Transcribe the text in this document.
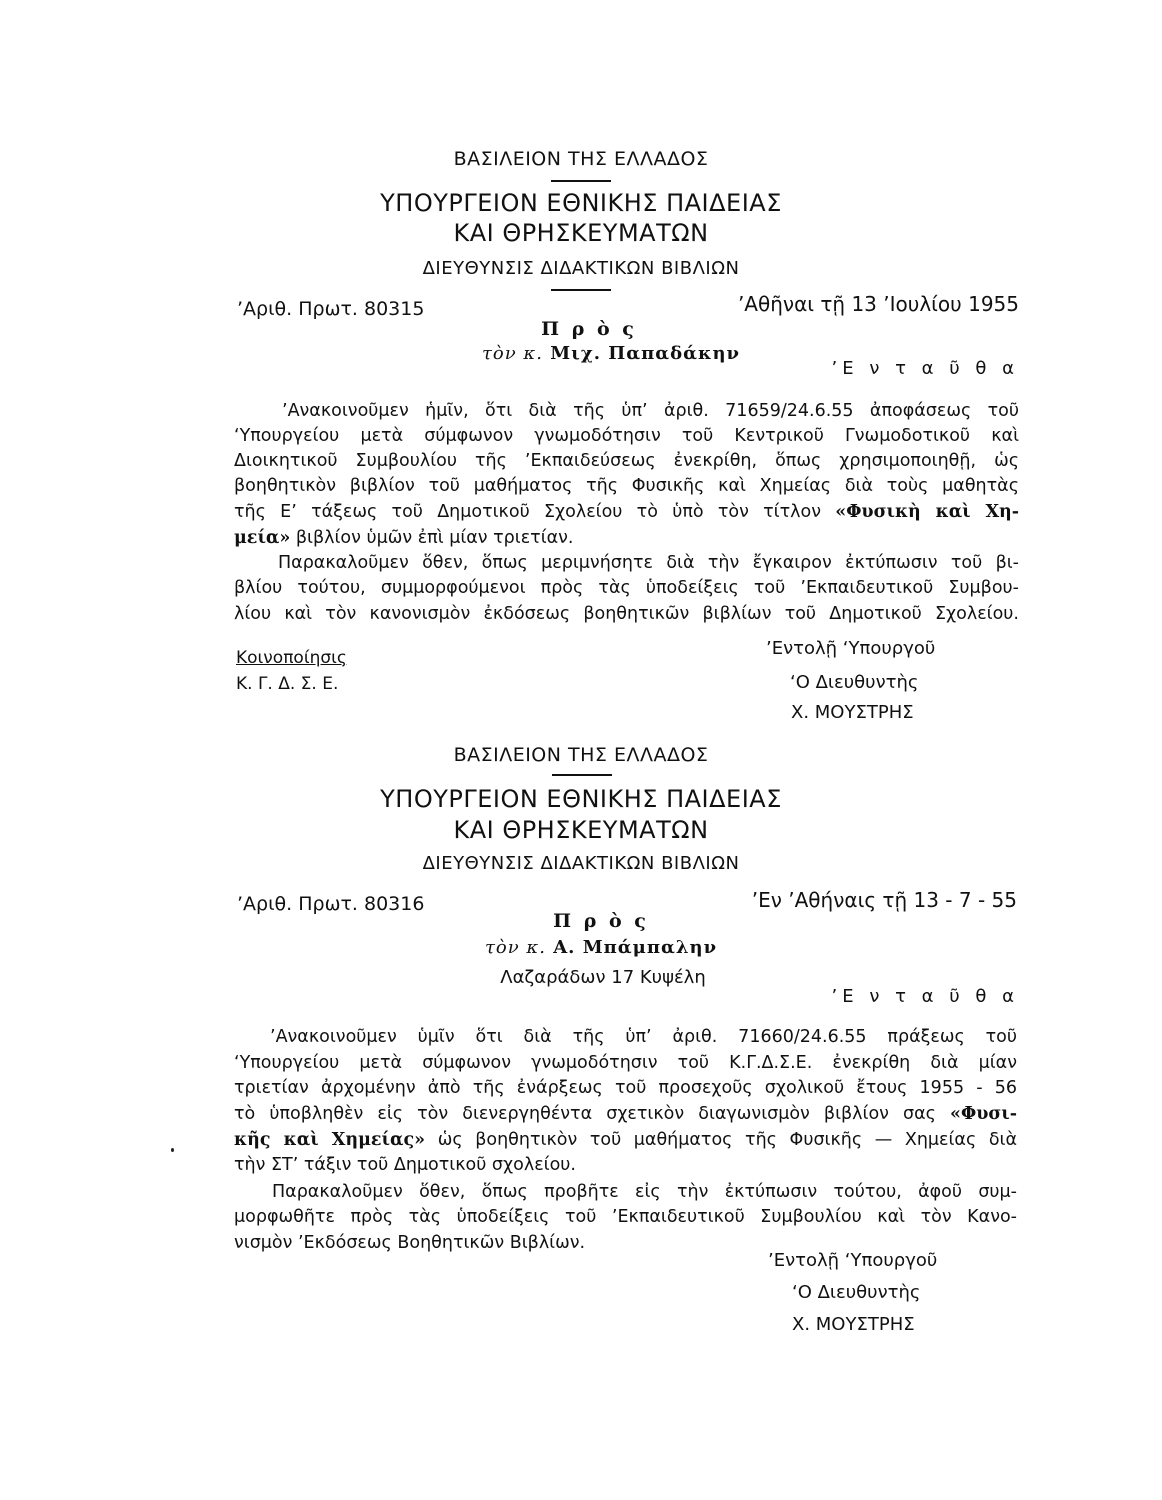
ΒΑΣΙΛΕΙΟΝ ΤΗΣ ΕΛΛΑΔΟΣ
ΥΠΟΥΡΓΕΙΟΝ ΕΘΝΙΚΗΣ ΠΑΙΔΕΙΑΣ
ΚΑΙ ΘΡΗΣΚΕΥΜΑΤΩΝ
ΔΙΕΥΘΥΝΣΙΣ ΔΙΔΑΚΤΙΚΩΝ ΒΙΒΛΙΩΝ
’Αριθ. Πρωτ. 80315	’Αθῆναι τῇ 13 ’Ιουλίου 1955
Π ρ ὸ ς
τὸν κ. Μιχ. Παπαδάκην
’Ε ν τ α ῦ θ α
’Ανακοινοῦμεν ἡμῖν, ὅτι διὰ τῆς ὑπ’ ἀριθ. 71659/24.6.55 ἀποφάσεως τοῦ
‘Υπουργείου μετὰ σύμφωνον γνωμοδότησιν τοῦ Κεντρικοῦ Γνωμοδοτικοῦ καὶ
Διοικητικοῦ Συμβουλίου τῆς ’Εκπαιδεύσεως ἐνεκρίθη, ὅπως χρησιμοποιηθῇ, ὡς
βοηθητικὸν βιβλίον τοῦ μαθήματος τῆς Φυσικῆς καὶ Χημείας διὰ τοὺς μαθητὰς
τῆς Ε’ τάξεως τοῦ Δημοτικοῦ Σχολείου τὸ ὑπὸ τὸν τίτλον «Φυσικὴ καὶ Χη-
μεία» βιβλίον ὑμῶν ἐπὶ μίαν τριετίαν.
Παρακαλοῦμεν ὅθεν, ὅπως μεριμνήσητε διὰ τὴν ἔγκαιρον ἐκτύπωσιν τοῦ βι-
βλίου τούτου, συμμορφούμενοι πρὸς τὰς ὑποδείξεις τοῦ ’Εκπαιδευτικοῦ Συμβου-
λίου καὶ τὸν κανονισμὸν ἐκδόσεως βοηθητικῶν βιβλίων τοῦ Δημοτικοῦ Σχολείου.
Κοινοποίησις
Κ. Γ. Δ. Σ. Ε.
’Εντολῇ ‘Υπουργοῦ
‘Ο Διευθυντὴς
Χ. ΜΟΥΣΤΡΗΣ
ΒΑΣΙΛΕΙΟΝ ΤΗΣ ΕΛΛΑΔΟΣ
ΥΠΟΥΡΓΕΙΟΝ ΕΘΝΙΚΗΣ ΠΑΙΔΕΙΑΣ
ΚΑΙ ΘΡΗΣΚΕΥΜΑΤΩΝ
ΔΙΕΥΘΥΝΣΙΣ ΔΙΔΑΚΤΙΚΩΝ ΒΙΒΛΙΩΝ
’Αριθ. Πρωτ. 80316	’Εν ’Αθήναις τῇ 13 - 7 - 55
Π ρ ὸ ς
τὸν κ. Α. Μπάμπαλην
Λαζαράδων 17 Κυψέλη
’Ε ν τ α ῦ θ α
’Ανακοινοῦμεν ὑμῖν ὅτι διὰ τῆς ὑπ’ ἀριθ. 71660/24.6.55 πράξεως τοῦ
‘Υπουργείου μετὰ σύμφωνον γνωμοδότησιν τοῦ Κ.Γ.Δ.Σ.Ε. ἐνεκρίθη διὰ μίαν
τριετίαν ἀρχομένην ἀπὸ τῆς ἐνάρξεως τοῦ προσεχοῦς σχολικοῦ ἔτους 1955 - 56
τὸ ὑποβληθὲν εἰς τὸν διενεργηθέντα σχετικὸν διαγωνισμὸν βιβλίον σας «Φυσι-
κῆς καὶ Χημείας» ὡς βοηθητικὸν τοῦ μαθήματος τῆς Φυσικῆς — Χημείας διὰ
τὴν ΣΤ’ τάξιν τοῦ Δημοτικοῦ σχολείου.
Παρακαλοῦμεν ὅθεν, ὅπως προβῆτε εἰς τὴν ἐκτύπωσιν τούτου, ἀφοῦ συμ-
μορφωθῆτε πρὸς τὰς ὑποδείξεις τοῦ ’Εκπαιδευτικοῦ Συμβουλίου καὶ τὸν Κανο-
νισμὸν ’Εκδόσεως Βοηθητικῶν Βιβλίων.
’Εντολῇ ‘Υπουργοῦ
‘Ο Διευθυντὴς
Χ. ΜΟΥΣΤΡΗΣ
